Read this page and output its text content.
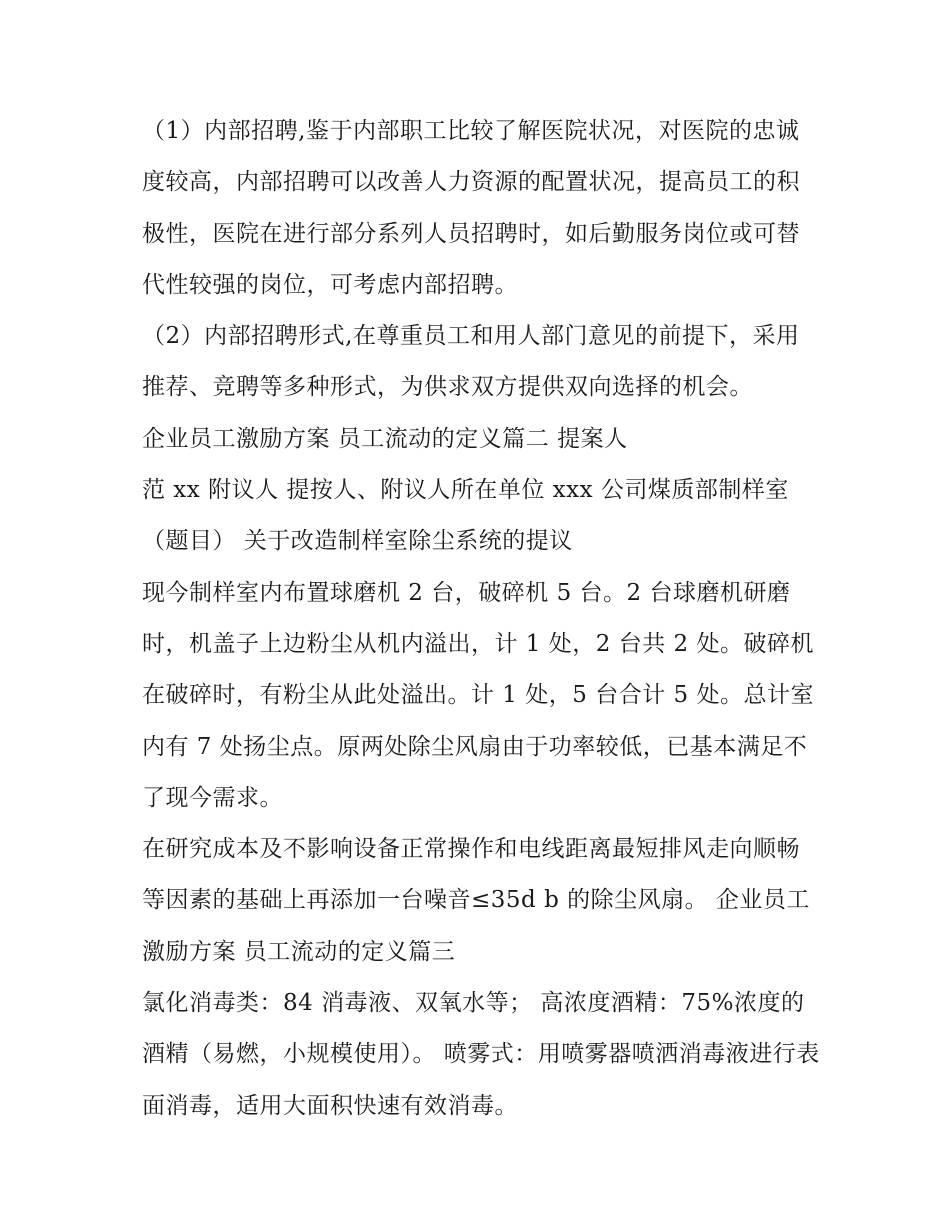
（1）内部招聘,鉴于内部职工比较了解医院状况，对医院的忠诚度较高，内部招聘可以改善人力资源的配置状况，提高员工的积极性，医院在进行部分系列人员招聘时，如后勤服务岗位或可替代性较强的岗位，可考虑内部招聘。

（2）内部招聘形式,在尊重员工和用人部门意见的前提下，采用推荐、竞聘等多种形式，为供求双方提供双向选择的机会。

企业员工激励方案 员工流动的定义篇二 提案人

范 xx 附议人 提按人、附议人所在单位 xxx 公司煤质部制样室

（题目） 关于改造制样室除尘系统的提议

现今制样室内布置球磨机 2 台，破碎机 5 台。2 台球磨机研磨时，机盖子上边粉尘从机内溢出，计 1 处，2 台共 2 处。破碎机在破碎时，有粉尘从此处溢出。计 1 处，5 台合计 5 处。总计室内有 7 处扬尘点。原两处除尘风扇由于功率较低，已基本满足不了现今需求。

在研究成本及不影响设备正常操作和电线距离最短排风走向顺畅等因素的基础上再添加一台噪音≤35d b 的除尘风扇。 企业员工激励方案 员工流动的定义篇三

氯化消毒类：84 消毒液、双氧水等； 高浓度酒精：75%浓度的酒精（易燃，小规模使用）。 喷雾式：用喷雾器喷洒消毒液进行表面消毒，适用大面积快速有效消毒。
